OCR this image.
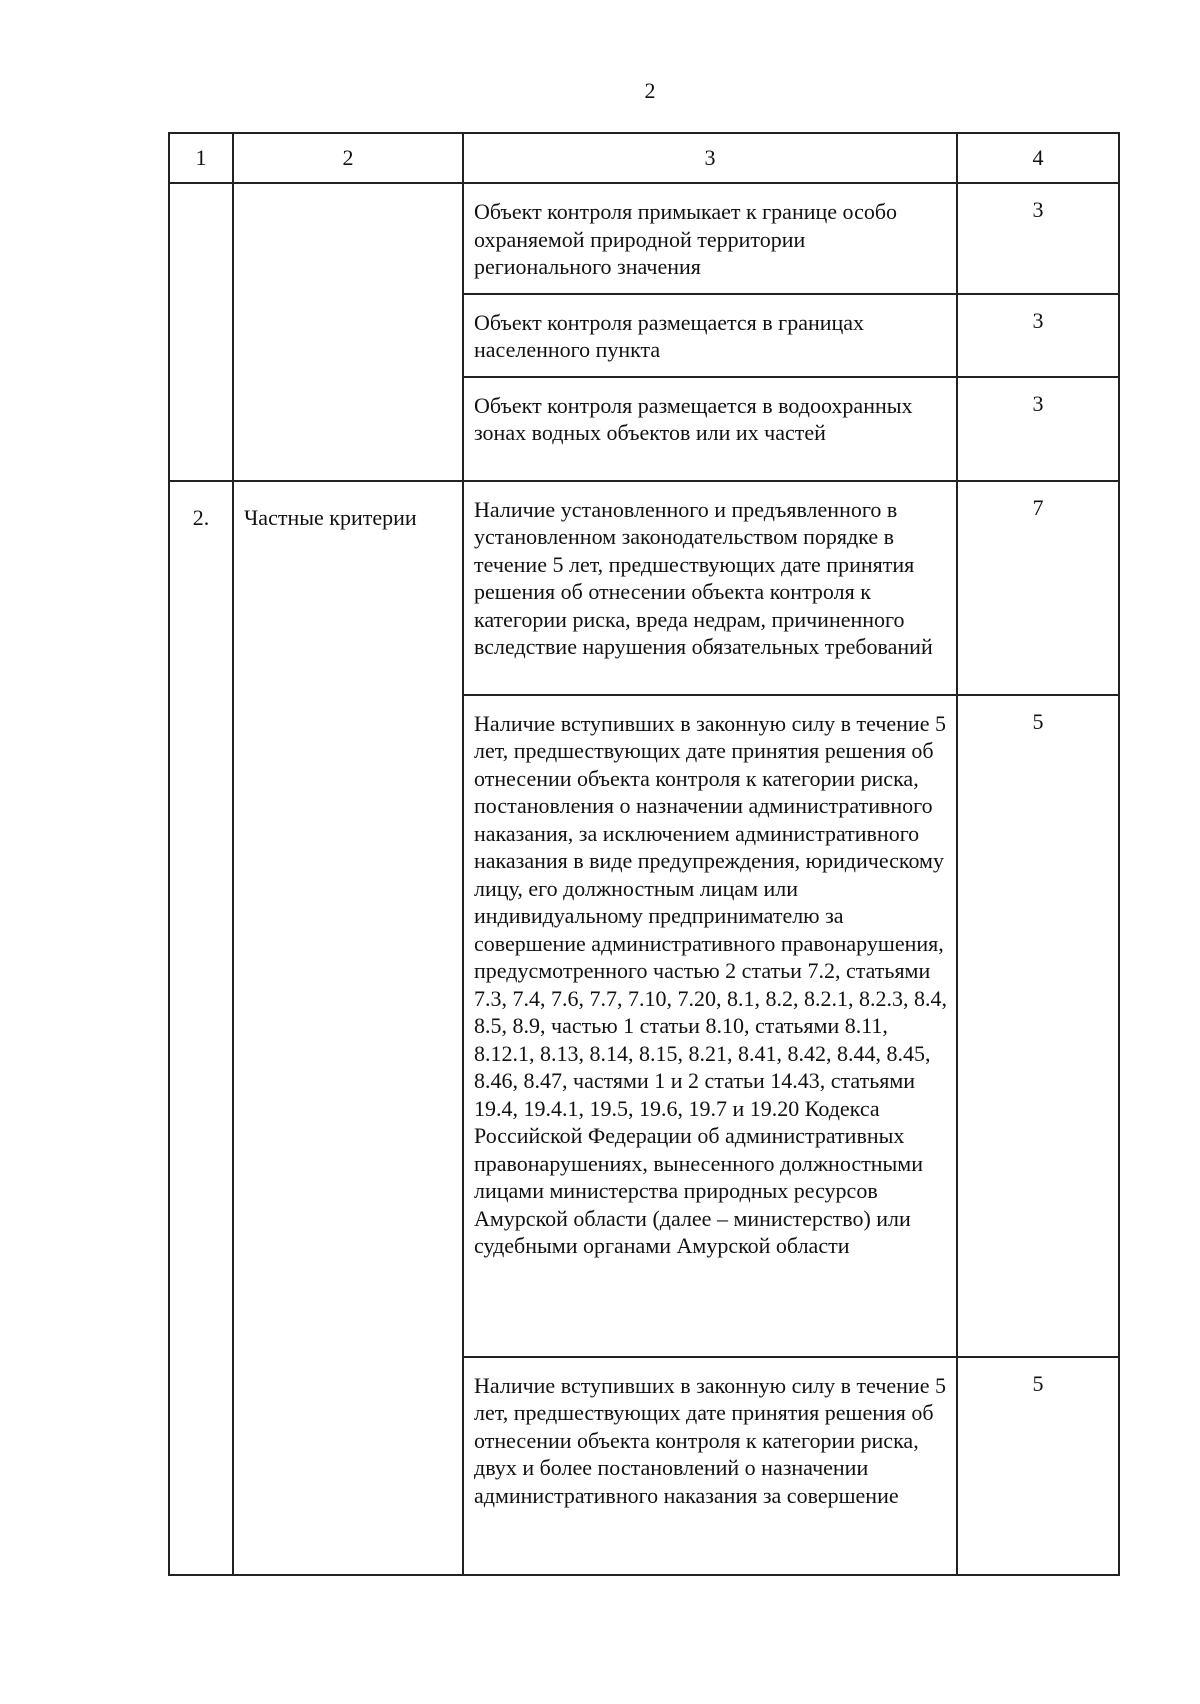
2
1	2	3	4
		Объект контроля примыкает к границе особо охраняемой природной территории регионального значения	3
		Объект контроля размещается в границах населенного пункта	3
		Объект контроля размещается в водоохранных зонах водных объектов или их частей	3
2.	Частные критерии	Наличие установленного и предъявленного в установленном законодательством порядке в течение 5 лет, предшествующих дате принятия решения об отнесении объекта контроля к категории риска, вреда недрам, причиненного вследствие нарушения обязательных требований	7
		Наличие вступивших в законную силу в течение 5 лет, предшествующих дате принятия решения об отнесении объекта контроля к категории риска, постановления о назначении административного наказания, за исключением административного наказания в виде предупреждения, юридическому лицу, его должностным лицам или индивидуальному предпринимателю за совершение административного правонарушения, предусмотренного частью 2 статьи 7.2, статьями 7.3, 7.4, 7.6, 7.7, 7.10, 7.20, 8.1, 8.2, 8.2.1, 8.2.3, 8.4, 8.5, 8.9, частью 1 статьи 8.10, статьями 8.11, 8.12.1, 8.13, 8.14, 8.15, 8.21, 8.41, 8.42, 8.44, 8.45, 8.46, 8.47, частями 1 и 2 статьи 14.43, статьями 19.4, 19.4.1, 19.5, 19.6, 19.7 и 19.20 Кодекса Российской Федерации об административных правонарушениях, вынесенного должностными лицами министерства природных ресурсов Амурской области (далее – министерство) или судебными органами Амурской области	5
		Наличие вступивших в законную силу в течение 5 лет, предшествующих дате принятия решения об отнесении объекта контроля к категории риска, двух и более постановлений о назначении административного наказания за совершение	5
